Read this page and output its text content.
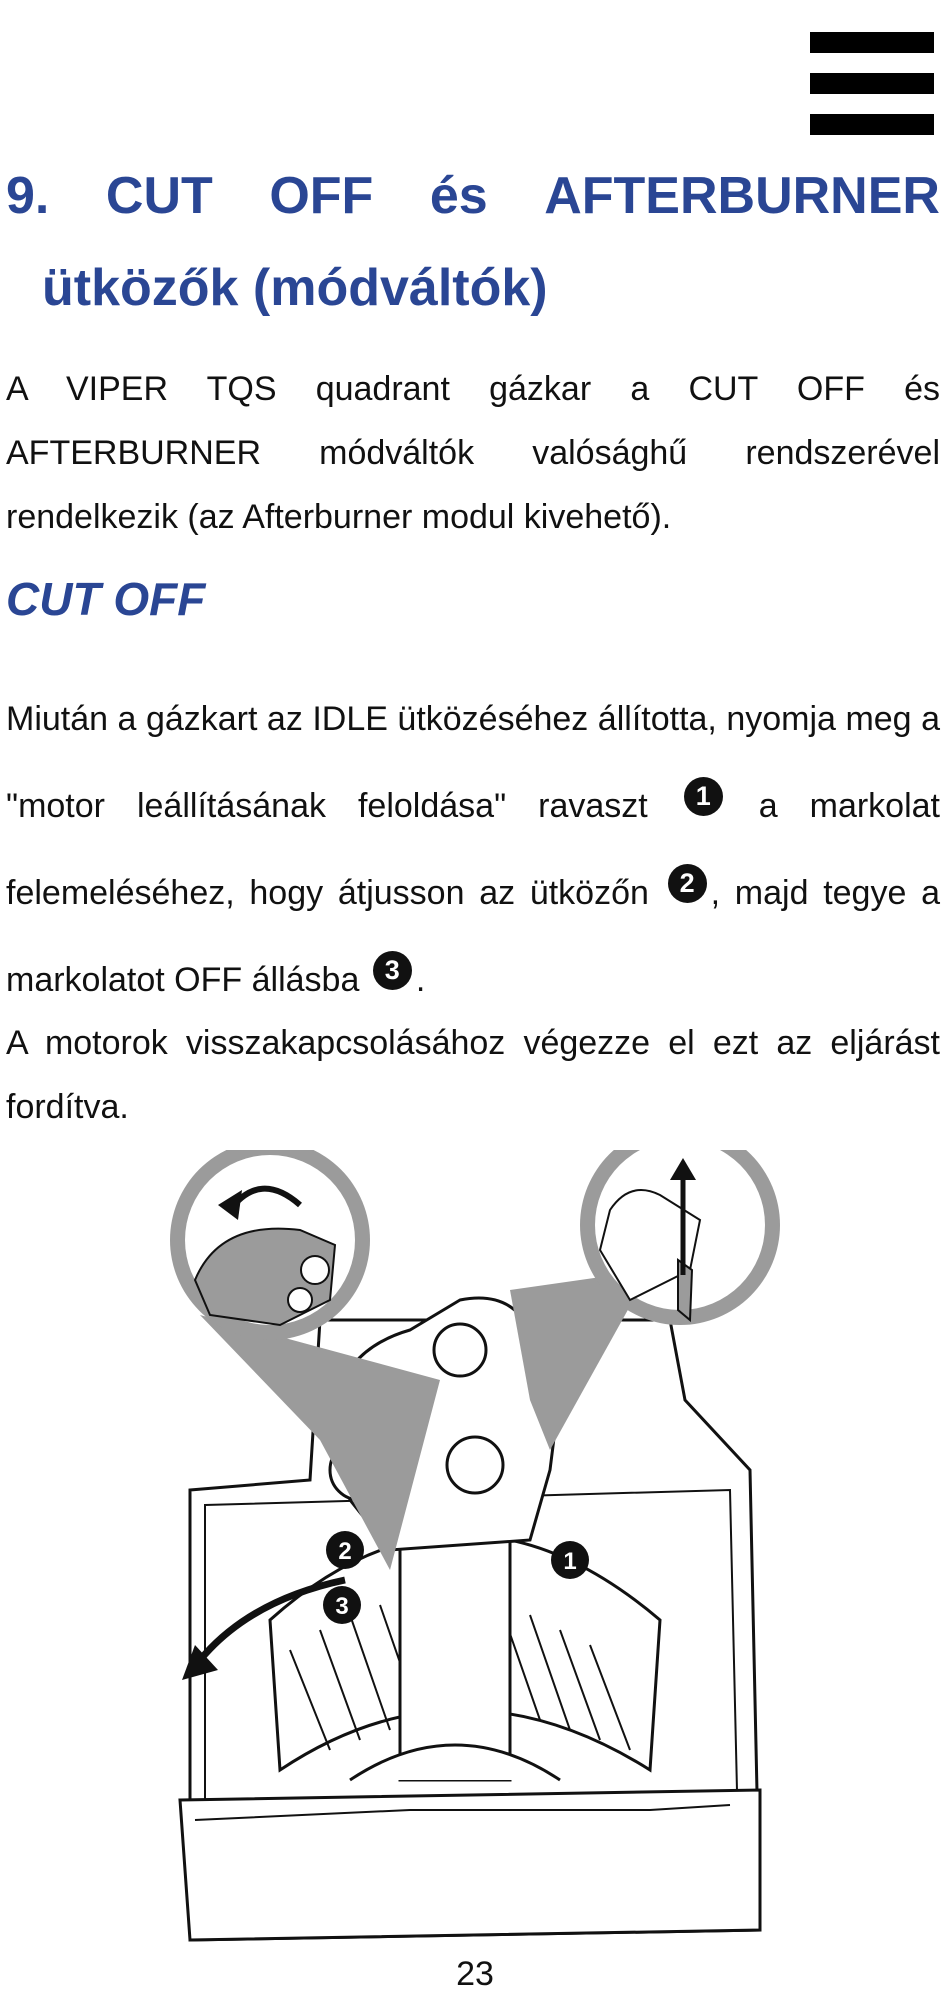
9. CUT OFF és AFTERBURNER
ütközők (módváltók)

A VIPER TQS quadrant gázkar a CUT OFF és AFTERBURNER módváltók valósághű rendszerével rendelkezik (az Afterburner modul kivehető).

CUT OFF

Miután a gázkart az IDLE ütközéséhez állította, nyomja meg a "motor leállításának feloldása" ravaszt 1 a markolat felemeléséhez, hogy átjusson az ütközőn 2 , majd tegye a markolatot OFF állásba 3 .

A motorok visszakapcsolásához végezze el ezt az eljárást fordítva.

1
2
3

23
